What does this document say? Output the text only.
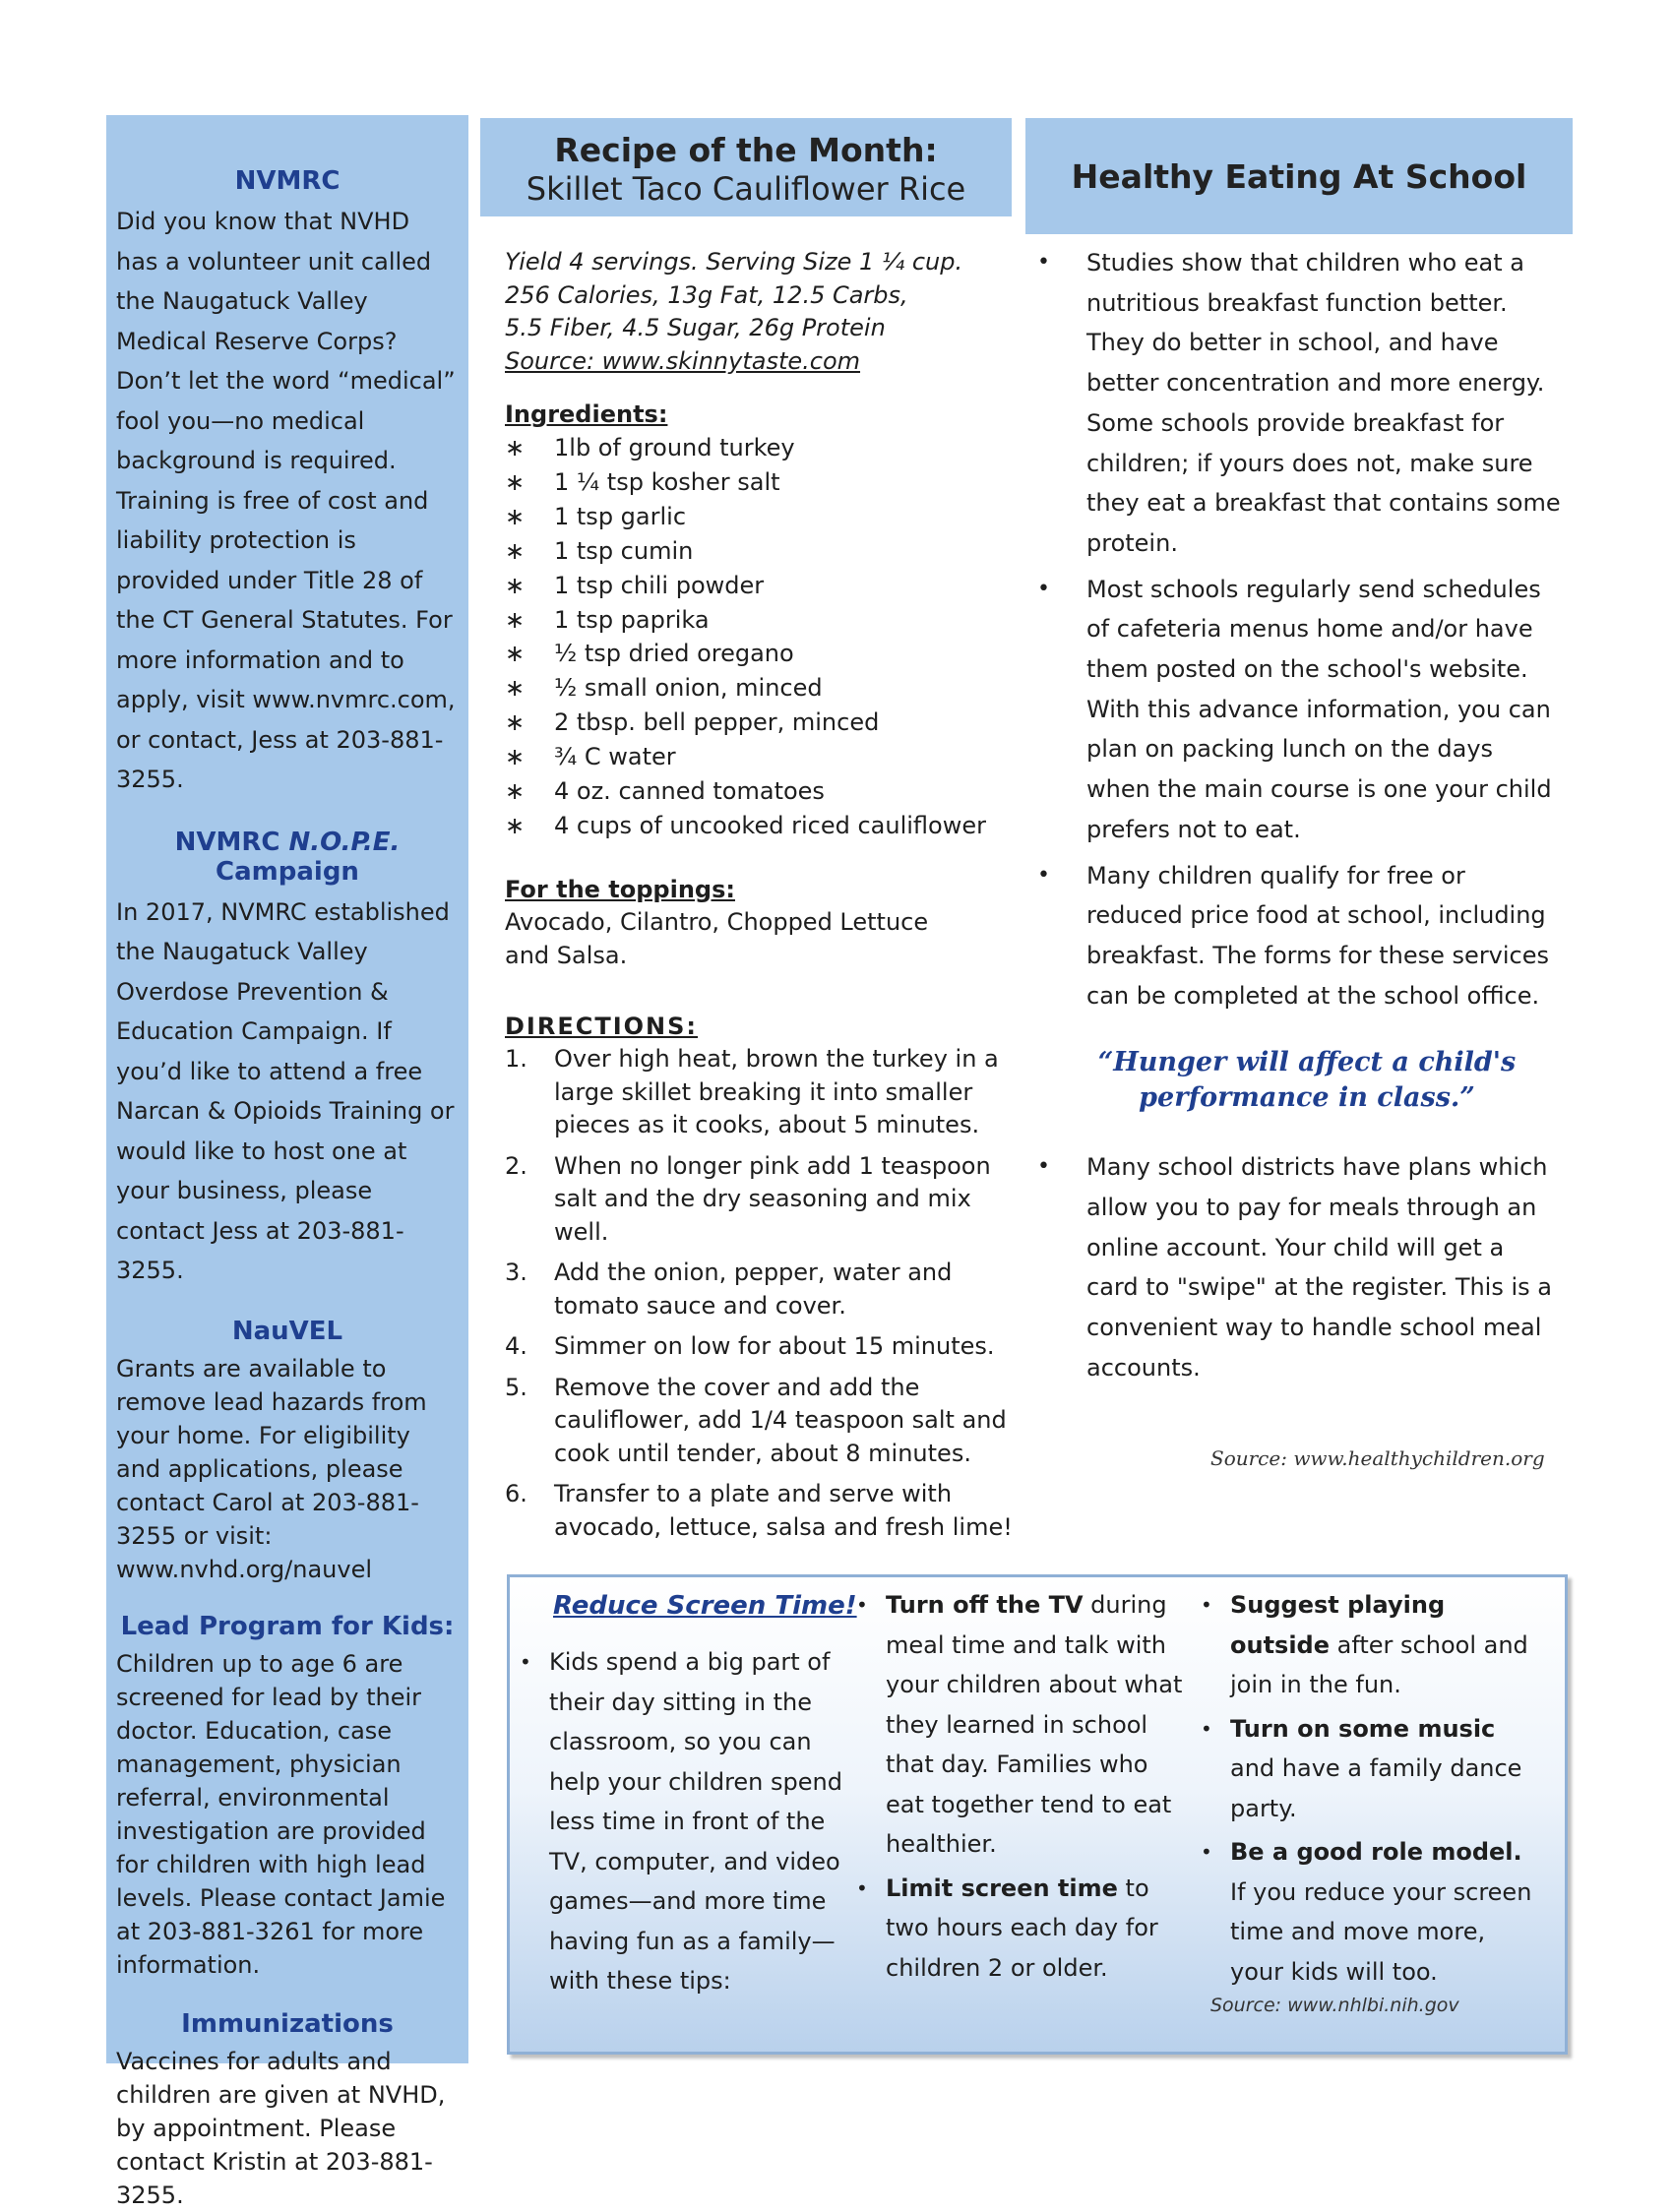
NVMRC
Did you know that NVHD has a volunteer unit called the Naugatuck Valley Medical Reserve Corps? Don’t let the word “medical” fool you—no medical background is required. Training is free of cost and liability protection is provided under Title 28 of the CT General Statutes. For more information and to apply, visit www.nvmrc.com, or contact, Jess at 203-881-3255.
NVMRC N.O.P.E. Campaign
In 2017, NVMRC established the Naugatuck Valley Overdose Prevention & Education Campaign. If you’d like to attend a free Narcan & Opioids Training or would like to host one at your business, please contact Jess at 203-881-3255.
NauVEL
Grants are available to remove lead hazards from your home. For eligibility and applications, please contact Carol at 203-881-3255 or visit: www.nvhd.org/nauvel
Lead Program for Kids:
Children up to age 6 are screened for lead by their doctor. Education, case management, physician referral, environmental investigation are provided for children with high lead levels. Please contact Jamie at 203-881-3261 for more information.
Immunizations
Vaccines for adults and children are given at NVHD, by appointment. Please contact Kristin at 203-881-3255.
Recipe of the Month:
Skillet Taco Cauliflower Rice	Healthy Eating At School
Yield 4 servings. Serving Size 1 ¼ cup.
256 Calories, 13g Fat, 12.5 Carbs,
5.5 Fiber, 4.5 Sugar, 26g Protein
Source: www.skinnytaste.com
Ingredients:
∗ 1lb of ground turkey
∗ 1 ¼ tsp kosher salt
∗ 1 tsp garlic
∗ 1 tsp cumin
∗ 1 tsp chili powder
∗ 1 tsp paprika
∗ ½ tsp dried oregano
∗ ½ small onion, minced
∗ 2 tbsp. bell pepper, minced
∗ ¾ C water
∗ 4 oz. canned tomatoes
∗ 4 cups of uncooked riced cauliflower
For the toppings:
Avocado, Cilantro, Chopped Lettuce
and Salsa.
DIRECTIONS:
1. Over high heat, brown the turkey in a large skillet breaking it into smaller pieces as it cooks, about 5 minutes.
2. When no longer pink add 1 teaspoon salt and the dry seasoning and mix well.
3. Add the onion, pepper, water and tomato sauce and cover.
4. Simmer on low for about 15 minutes.
5. Remove the cover and add the cauliflower, add 1/4 teaspoon salt and cook until tender, about 8 minutes.
6. Transfer to a plate and serve with avocado, lettuce, salsa and fresh lime!
• Studies show that children who eat a nutritious breakfast function better. They do better in school, and have better concentration and more energy. Some schools provide breakfast for children; if yours does not, make sure they eat a breakfast that contains some protein.
• Most schools regularly send schedules of cafeteria menus home and/or have them posted on the school's website. With this advance information, you can plan on packing lunch on the days when the main course is one your child prefers not to eat.
• Many children qualify for free or reduced price food at school, including breakfast. The forms for these services can be completed at the school office.
“Hunger will affect a child's
performance in class.”
• Many school districts have plans which allow you to pay for meals through an online account. Your child will get a card to "swipe" at the register. This is a convenient way to handle school meal accounts.
Source: www.healthychildren.org
Reduce Screen Time!
• Kids spend a big part of their day sitting in the classroom, so you can help your children spend less time in front of the TV, computer, and video games—and more time having fun as a family—with these tips:
• Turn off the TV during meal time and talk with your children about what they learned in school that day. Families who eat together tend to eat healthier.
• Limit screen time to two hours each day for children 2 or older.
• Suggest playing outside after school and join in the fun.
• Turn on some music and have a family dance party.
• Be a good role model. If you reduce your screen time and move more, your kids will too.
Source: www.nhlbi.nih.gov
